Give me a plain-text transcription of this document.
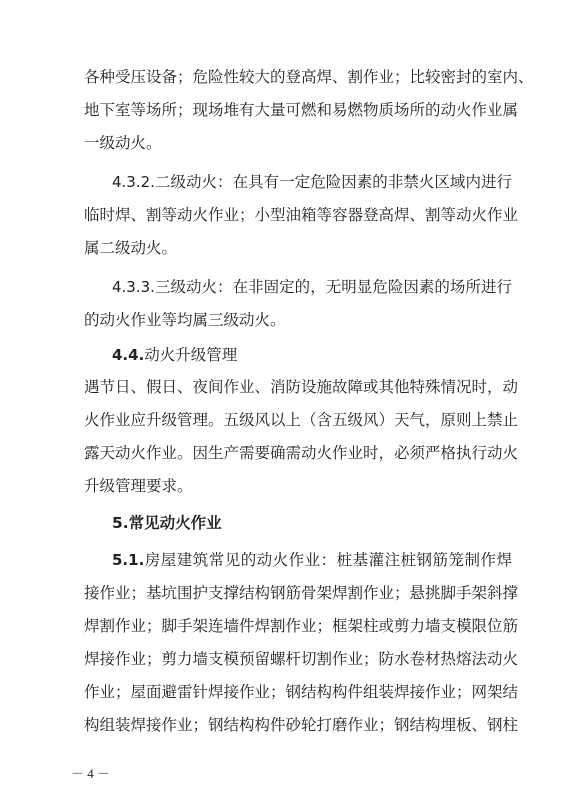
各种受压设备；危险性较大的登高焊、割作业；比较密封的室内、
地下室等场所；现场堆有大量可燃和易燃物质场所的动火作业属
一级动火。
4.3.2.二级动火：在具有一定危险因素的非禁火区域内进行
临时焊、割等动火作业；小型油箱等容器登高焊、割等动火作业
属二级动火。
4.3.3.三级动火：在非固定的，无明显危险因素的场所进行
的动火作业等均属三级动火。
4.4.动火升级管理
遇节日、假日、夜间作业、消防设施故障或其他特殊情况时，动
火作业应升级管理。五级风以上（含五级风）天气，原则上禁止
露天动火作业。因生产需要确需动火作业时，必须严格执行动火
升级管理要求。
5.常见动火作业
5.1.房屋建筑常见的动火作业：桩基灌注桩钢筋笼制作焊
接作业；基坑围护支撑结构钢筋骨架焊割作业；悬挑脚手架斜撑
焊割作业；脚手架连墙件焊割作业；框架柱或剪力墙支模限位筋
焊接作业；剪力墙支模预留螺杆切割作业；防水卷材热熔法动火
作业；屋面避雷针焊接作业；钢结构构件组装焊接作业；网架结
构组装焊接作业；钢结构构件砂轮打磨作业；钢结构埋板、钢柱
－ 4 －
